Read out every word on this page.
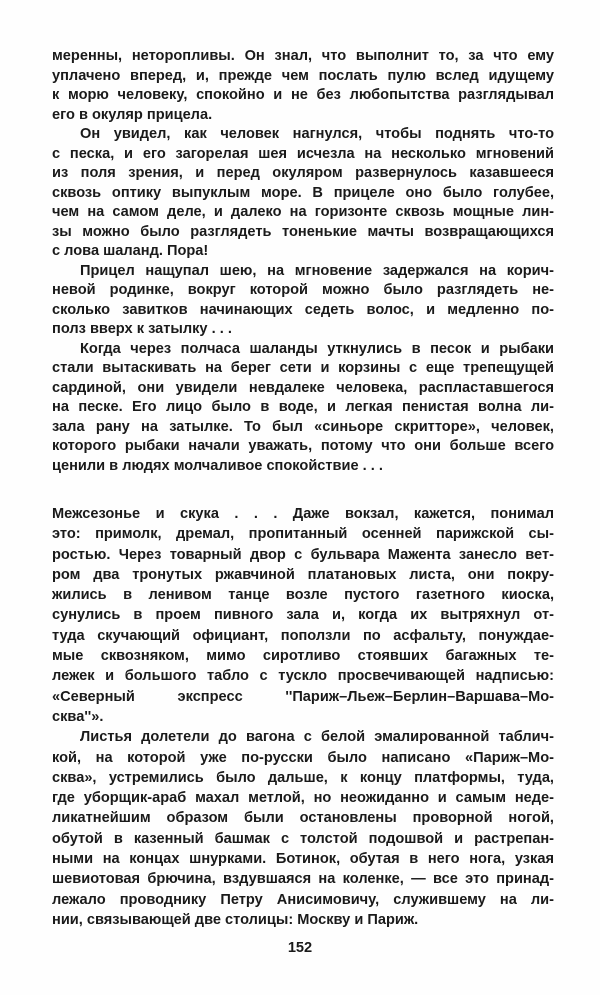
меренны, неторопливы. Он знал, что выполнит то, за что ему
уплачено вперед, и, прежде чем послать пулю вслед идущему
к морю человеку, спокойно и не без любопытства разглядывал
его в окуляр прицела.
Он увидел, как человек нагнулся, чтобы поднять что-то
с песка, и его загорелая шея исчезла на несколько мгновений
из поля зрения, и перед окуляром развернулось казавшееся
сквозь оптику выпуклым море. В прицеле оно было голубее,
чем на самом деле, и далеко на горизонте сквозь мощные лин-
зы можно было разглядеть тоненькие мачты возвращающихся
с лова шаланд. Пора!
Прицел нащупал шею, на мгновение задержался на корич-
невой родинке, вокруг которой можно было разглядеть не-
сколько завитков начинающих седеть волос, и медленно по-
полз вверх к затылку . . .
Когда через полчаса шаланды уткнулись в песок и рыбаки
стали вытаскивать на берег сети и корзины с еще трепещущей
сардиной, они увидели невдалеке человека, распластавшегося
на песке. Его лицо было в воде, и легкая пенистая волна ли-
зала рану на затылке. То был «синьоре скритторе», человек,
которого рыбаки начали уважать, потому что они больше всего
ценили в людях молчаливое спокойствие . . .
Межсезонье и скука . . . Даже вокзал, кажется, понимал
это: примолк, дремал, пропитанный осенней парижской сы-
ростью. Через товарный двор с бульвара Мажента занесло вет-
ром два тронутых ржавчиной платановых листа, они покру-
жились в ленивом танце возле пустого газетного киоска,
сунулись в проем пивного зала и, когда их вытряхнул от-
туда скучающий официант, поползли по асфальту, понуждае-
мые сквозняком, мимо сиротливо стоявших багажных те-
лежек и большого табло с тускло просвечивающей надписью:
«Северный экспресс ''Париж–Льеж–Берлин–Варшава–Мо-
сква''».
Листья долетели до вагона с белой эмалированной таблич-
кой, на которой уже по-русски было написано «Париж–Мо-
сква», устремились было дальше, к концу платформы, туда,
где уборщик-араб махал метлой, но неожиданно и самым неде-
ликатнейшим образом были остановлены проворной ногой,
обутой в казенный башмак с толстой подошвой и растрепан-
ными на концах шнурками. Ботинок, обутая в него нога, узкая
шевиотовая брючина, вздувшаяся на коленке, — все это принад-
лежало проводнику Петру Анисимовичу, служившему на ли-
нии, связывающей две столицы: Москву и Париж.
152
